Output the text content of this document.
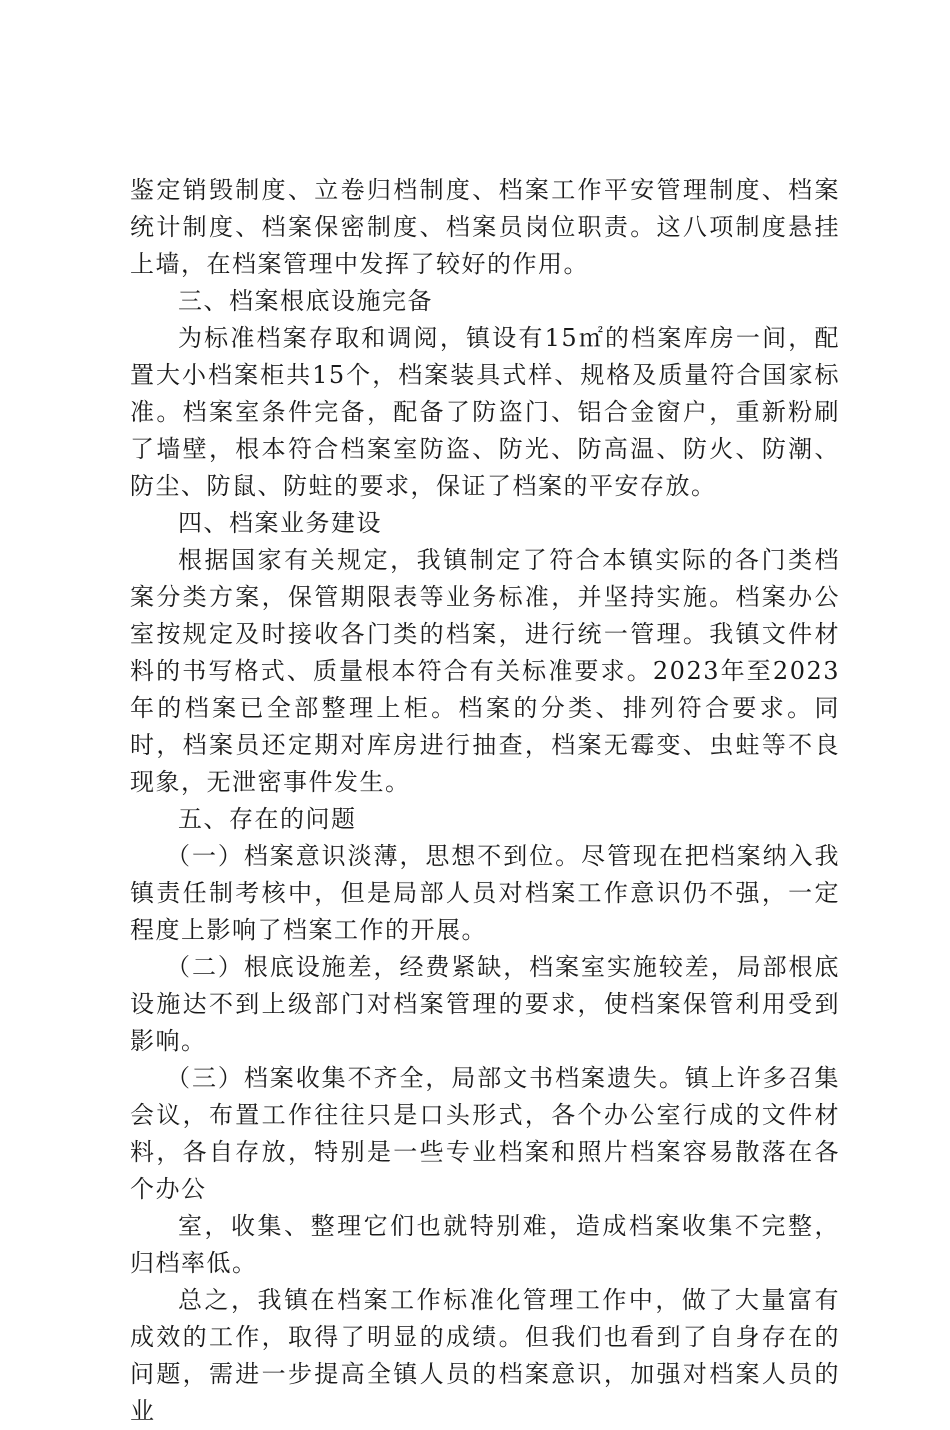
鉴定销毁制度、立卷归档制度、档案工作平安管理制度、档案统计制度、档案保密制度、档案员岗位职责。这八项制度悬挂上墙，在档案管理中发挥了较好的作用。

三、档案根底设施完备

为标准档案存取和调阅，镇设有15㎡的档案库房一间，配置大小档案柜共15个，档案装具式样、规格及质量符合国家标准。档案室条件完备，配备了防盗门、铝合金窗户，重新粉刷了墙壁，根本符合档案室防盗、防光、防高温、防火、防潮、防尘、防鼠、防蛀的要求，保证了档案的平安存放。

四、档案业务建设

根据国家有关规定，我镇制定了符合本镇实际的各门类档案分类方案，保管期限表等业务标准，并坚持实施。档案办公室按规定及时接收各门类的档案，进行统一管理。我镇文件材料的书写格式、质量根本符合有关标准要求。2023年至2023年的档案已全部整理上柜。档案的分类、排列符合要求。同时，档案员还定期对库房进行抽查，档案无霉变、虫蛀等不良现象，无泄密事件发生。

五、存在的问题

（一）档案意识淡薄，思想不到位。尽管现在把档案纳入我镇责任制考核中，但是局部人员对档案工作意识仍不强，一定程度上影响了档案工作的开展。

（二）根底设施差，经费紧缺，档案室实施较差，局部根底设施达不到上级部门对档案管理的要求，使档案保管利用受到影响。

（三）档案收集不齐全，局部文书档案遗失。镇上许多召集会议，布置工作往往只是口头形式，各个办公室行成的文件材料，各自存放，特别是一些专业档案和照片档案容易散落在各个办公

室，收集、整理它们也就特别难，造成档案收集不完整，归档率低。

总之，我镇在档案工作标准化管理工作中，做了大量富有成效的工作，取得了明显的成绩。但我们也看到了自身存在的问题，需进一步提高全镇人员的档案意识，加强对档案人员的业
